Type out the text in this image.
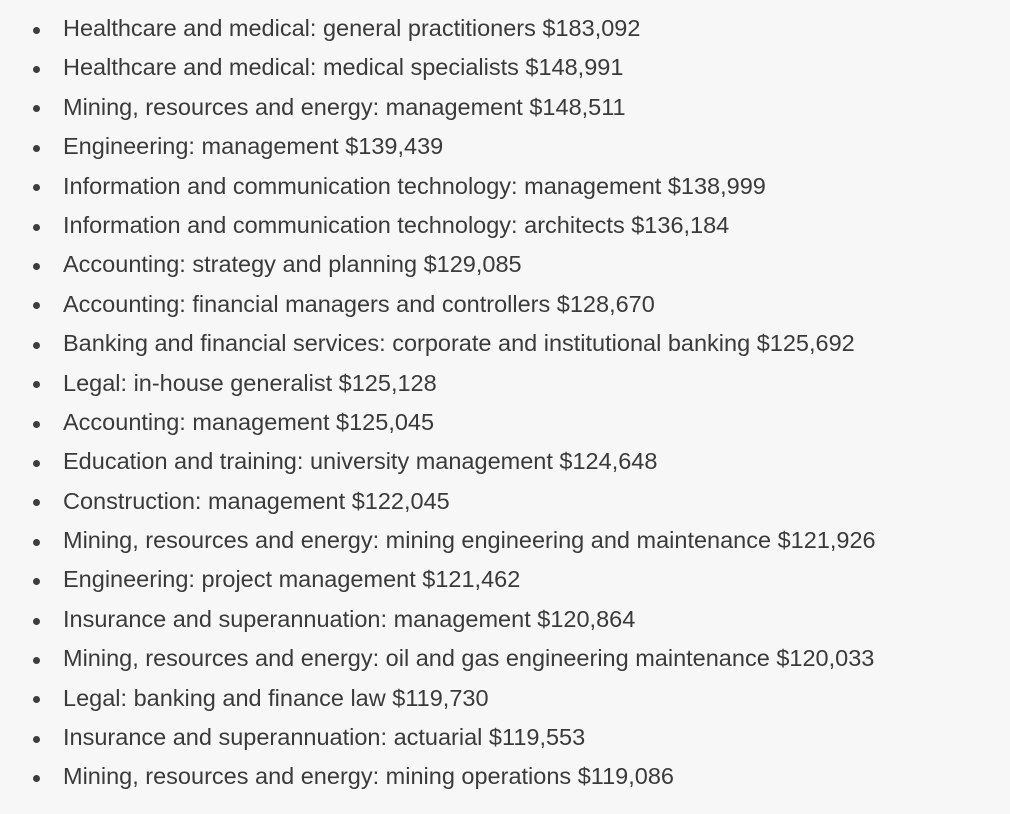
Healthcare and medical: general practitioners $183,092
Healthcare and medical: medical specialists $148,991
Mining, resources and energy: management $148,511
Engineering: management $139,439
Information and communication technology: management $138,999
Information and communication technology: architects $136,184
Accounting: strategy and planning $129,085
Accounting: financial managers and controllers $128,670
Banking and financial services: corporate and institutional banking $125,692
Legal: in-house generalist $125,128
Accounting: management $125,045
Education and training: university management $124,648
Construction: management $122,045
Mining, resources and energy: mining engineering and maintenance $121,926
Engineering: project management $121,462
Insurance and superannuation: management $120,864
Mining, resources and energy: oil and gas engineering maintenance $120,033
Legal: banking and finance law $119,730
Insurance and superannuation: actuarial $119,553
Mining, resources and energy: mining operations $119,086
